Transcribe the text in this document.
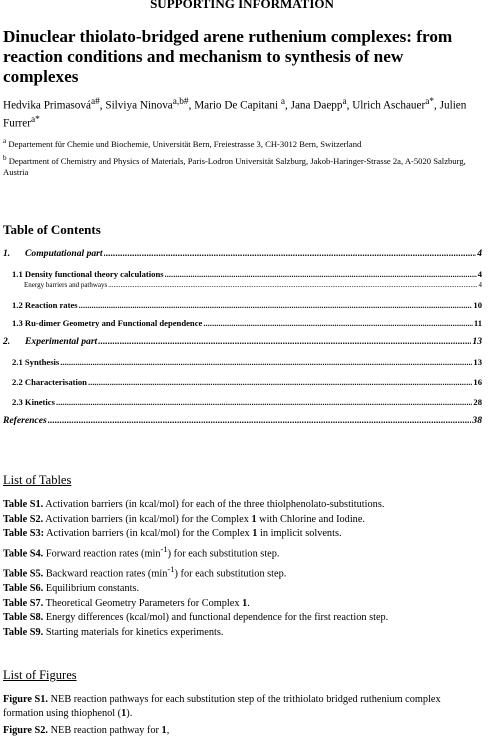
SUPPORTING INFORMATION

Dinuclear thiolato-bridged arene ruthenium complexes: from reaction conditions and mechanism to synthesis of new complexes
Hedvika Primasová$^{a\#}$, Silviya Ninova$^{a,b\#}$, Mario De Capitani $^a$, Jana Daepp$^a$, Ulrich Aschauer$^{a*}$, Julien Furrer$^{a*}$
$^a$ Departement für Chemie und Biochemie, Universität Bern, Freiestrasse 3, CH-3012 Bern, Switzerland
$^b$ Department of Chemistry and Physics of Materials, Paris-Lodron Universität Salzburg, Jakob-Haringer-Strasse 2a, A-5020 Salzburg, Austria
Table of Contents
1. Computational part .....	4
1.1 Density functional theory calculations .....	4
Energy barriers and pathways .....	4
1.2 Reaction rates .....	10
1.3 Ru-dimer Geometry and Functional dependence .....	11
2. Experimental part .....	13
2.1 Synthesis .....	13
2.2 Characterisation .....	16
2.3 Kinetics .....	28
References .....	38
List of Tables
Table S1. Activation barriers (in kcal/mol) for each of the three thiolphenolato-substitutions.
Table S2. Activation barriers (in kcal/mol) for the Complex 1 with Chlorine and Iodine.
Table S3: Activation barriers (in kcal/mol) for the Complex 1 in implicit solvents.
Table S4. Forward reaction rates $(\min^{-1})$ for each substitution step.
Table S5. Backward reaction rates $(\min^{-1})$ for each substitution step.
Table S6. Equilibrium constants.
Table S7. Theoretical Geometry Parameters for Complex 1.
Table S8. Energy differences (kcal/mol) and functional dependence for the first reaction step.
Table S9. Starting materials for kinetics experiments.
List of Figures
Figure S1. NEB reaction pathways for each substitution step of the trithiolato bridged ruthenium complex formation using thiophenol (1).
Figure S2. NEB reaction pathway for 1,
